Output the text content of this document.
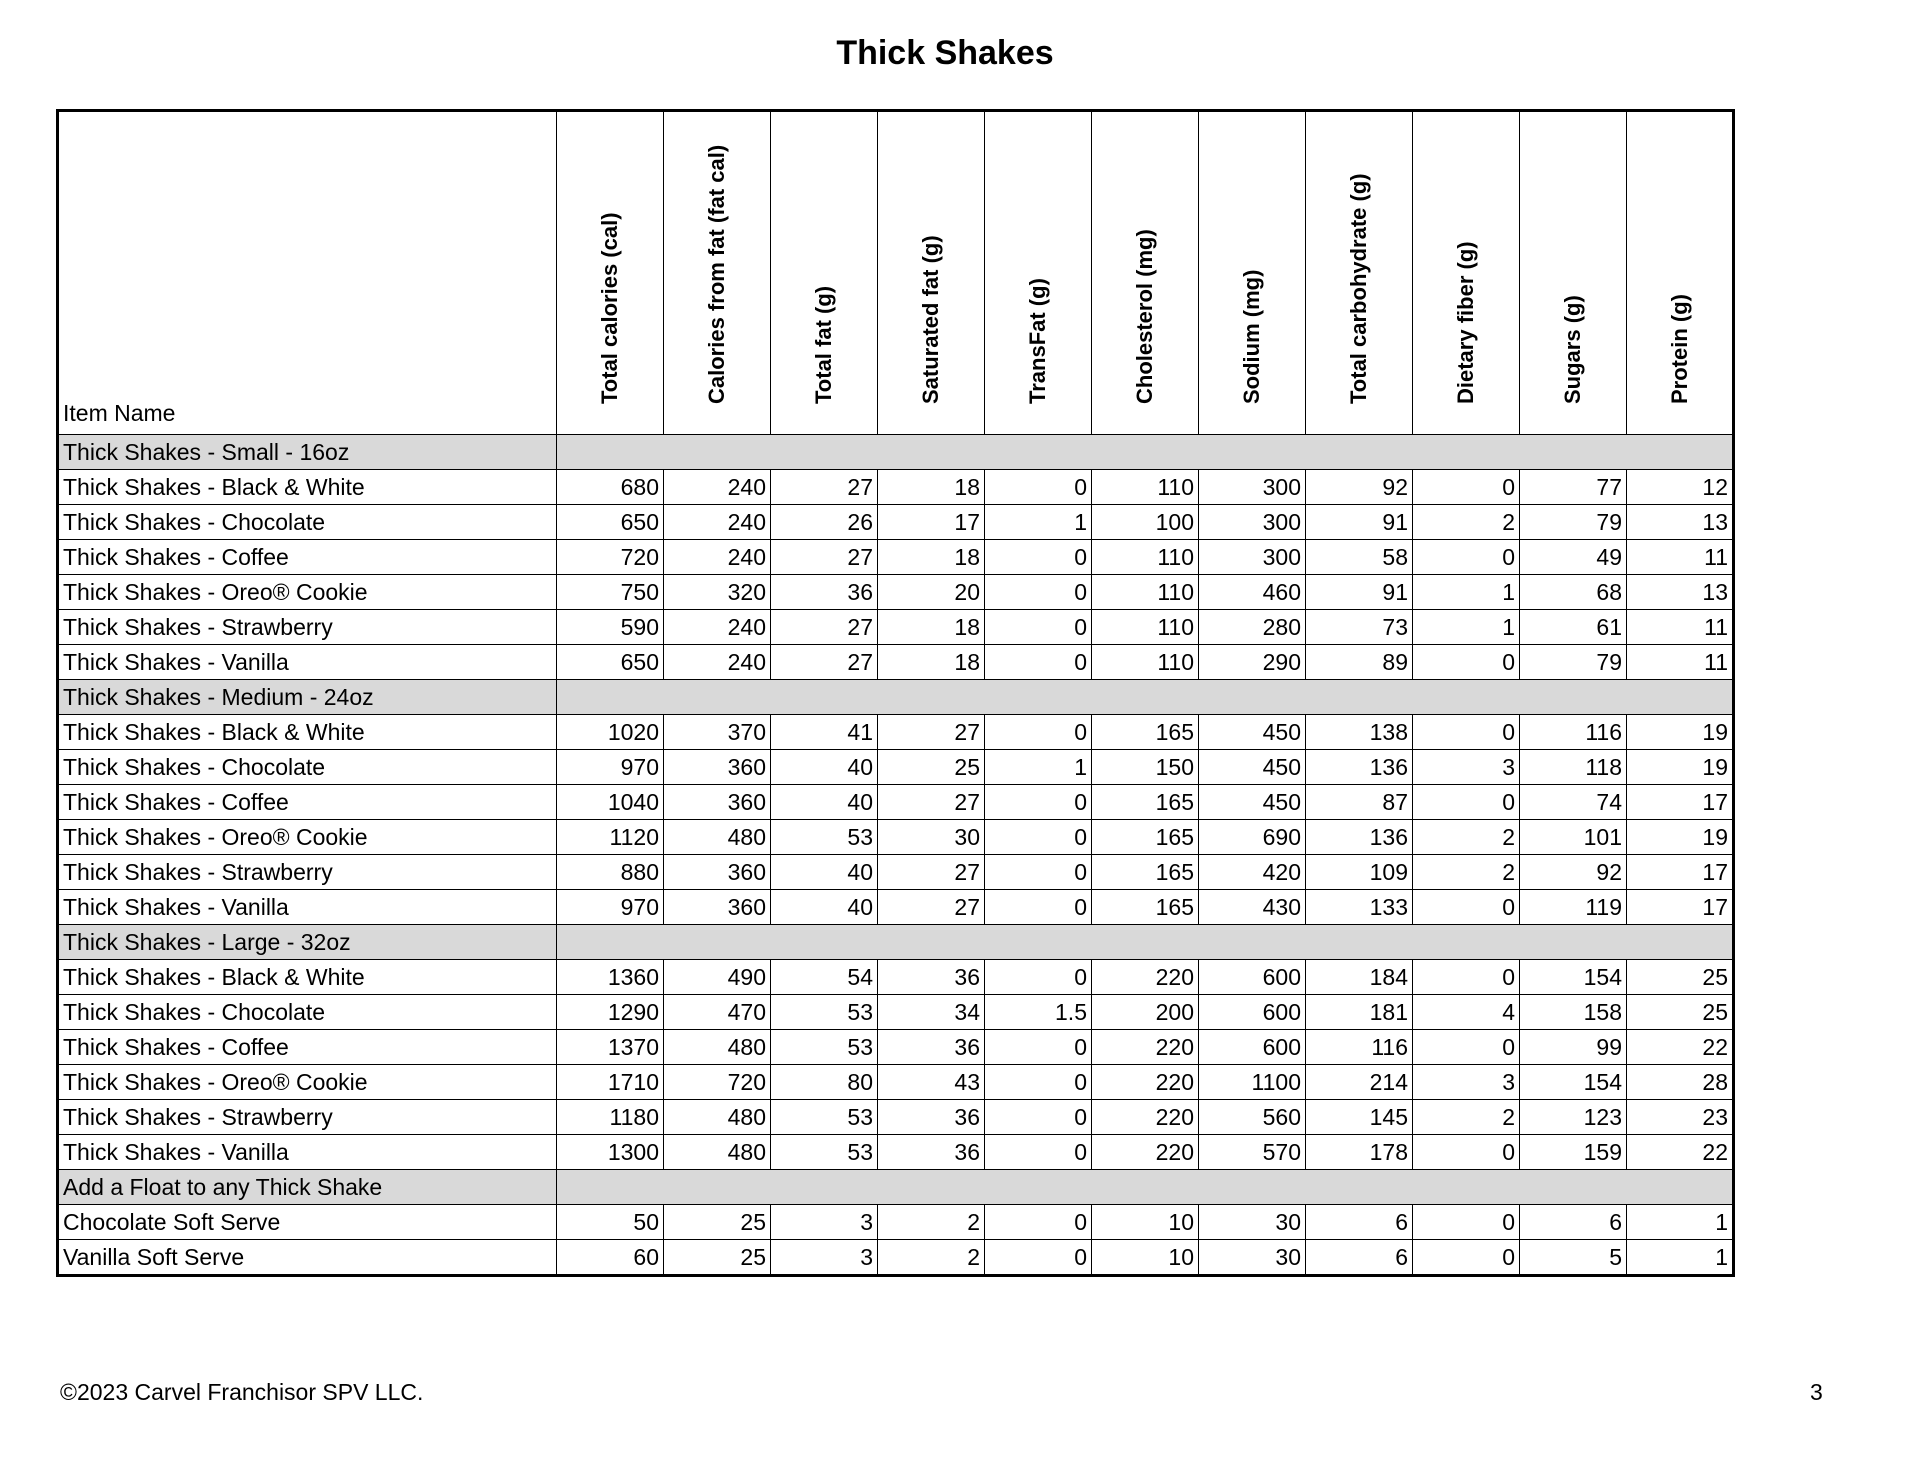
Thick Shakes
Item Name	Total calories (cal)	Calories from fat (fat cal)	Total fat (g)	Saturated fat (g)	TransFat (g)	Cholesterol (mg)	Sodium (mg)	Total carbohydrate (g)	Dietary fiber (g)	Sugars (g)	Protein (g)

Thick Shakes - Small - 16oz											
Thick Shakes - Black & White	680	240	27	18	0	110	300	92	0	77	12
Thick Shakes - Chocolate	650	240	26	17	1	100	300	91	2	79	13
Thick Shakes - Coffee	720	240	27	18	0	110	300	58	0	49	11
Thick Shakes - Oreo® Cookie	750	320	36	20	0	110	460	91	1	68	13
Thick Shakes - Strawberry	590	240	27	18	0	110	280	73	1	61	11
Thick Shakes - Vanilla	650	240	27	18	0	110	290	89	0	79	11
Thick Shakes - Medium - 24oz											
Thick Shakes - Black & White	1020	370	41	27	0	165	450	138	0	116	19
Thick Shakes - Chocolate	970	360	40	25	1	150	450	136	3	118	19
Thick Shakes - Coffee	1040	360	40	27	0	165	450	87	0	74	17
Thick Shakes - Oreo® Cookie	1120	480	53	30	0	165	690	136	2	101	19
Thick Shakes - Strawberry	880	360	40	27	0	165	420	109	2	92	17
Thick Shakes - Vanilla	970	360	40	27	0	165	430	133	0	119	17
Thick Shakes - Large - 32oz											
Thick Shakes - Black & White	1360	490	54	36	0	220	600	184	0	154	25
Thick Shakes - Chocolate	1290	470	53	34	1.5	200	600	181	4	158	25
Thick Shakes - Coffee	1370	480	53	36	0	220	600	116	0	99	22
Thick Shakes - Oreo® Cookie	1710	720	80	43	0	220	1100	214	3	154	28
Thick Shakes - Strawberry	1180	480	53	36	0	220	560	145	2	123	23
Thick Shakes - Vanilla	1300	480	53	36	0	220	570	178	0	159	22
Add a Float to any Thick Shake											
Chocolate Soft Serve	50	25	3	2	0	10	30	6	0	6	1
Vanilla Soft Serve	60	25	3	2	0	10	30	6	0	5	1
©2023 Carvel Franchisor SPV LLC.	3
